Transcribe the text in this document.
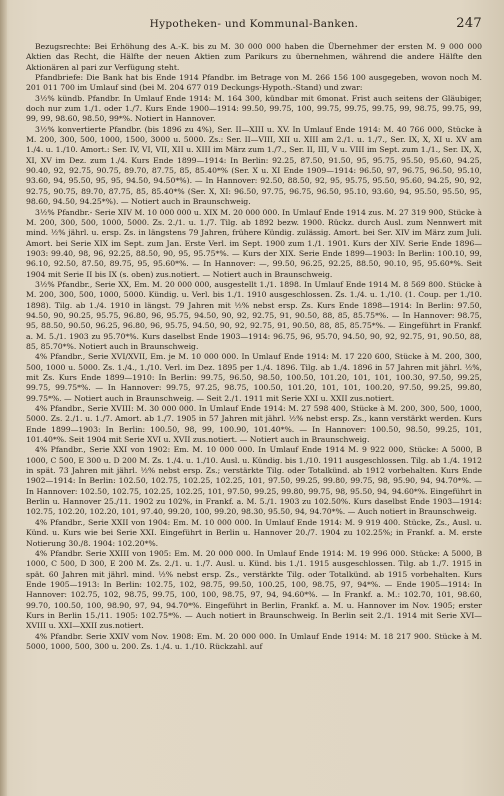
Hypotheken- und Kommunal-Banken.	247

Bezugsrechte: Bei Erhöhung des A.-K. bis zu M. 30 000 000 haben die Übernehmer der ersten M. 9 000 000 Aktien das Recht, die Hälfte der neuen Aktien zum Parikurs zu übernehmen, während die andere Hälfte den Aktionären al pari zur Verfügung steht.

Pfandbriefe: Die Bank hat bis Ende 1914 Pfandbr. im Betrage von M. 266 156 100 ausgegeben, wovon noch M. 201 011 700 im Umlauf sind (bei M. 204 677 019 Deckungs-Hypoth.-Stand) und zwar:

3½% kündb. Pfandbr. In Umlauf Ende 1914: M. 164 300, kündbar mit 6monat. Frist auch seitens der Gläubiger, doch nur zum 1./1. oder 1./7. Kurs Ende 1900—1914: 99.50, 99.75, 100, 99.75, 99.75, 99.75, 99, 98.75, 99.75, 99, 99, 99, 98.60, 98.50, 99*%. Notiert in Hannover.

3½% konvertierte Pfandbr. (bis 1896 zu 4%), Ser. II—XIII u. XV. In Umlauf Ende 1914: M. 40 766 000, Stücke à M. 200, 300, 500, 1000, 1500, 3000 u. 5000. Zs.: Ser. II—VIII, XII u. XIII am 2./1. u. 1./7., Ser. IX, X, XI u. XV am 1./4. u. 1./10. Amort.: Ser. IV, VI, VII, XII u. XIII im März zum 1./7., Ser. II, III, V u. VIII im Sept. zum 1./1., Ser. IX, X, XI, XV im Dez. zum 1./4. Kurs Ende 1899—1914: In Berlin: 92.25, 87.50, 91.50, 95, 95.75, 95.50, 95.60, 94.25, 90.40, 92, 92.75, 90.75, 89.70, 87.75, 85, 85.40*% (Ser. X u. XI Ende 1909—1914: 96.50, 97, 96.75, 96.50, 95.10, 93.60, 94, 95.50, 95, 95, 94.50, 94.50*%). — In Hannover: 92.50, 88.50, 92, 95, 95.75, 95.50, 95.60, 94.25, 90, 92, 92.75, 90.75, 89.70, 87.75, 85, 85.40*% (Ser. X, XI: 96.50, 97.75, 96.75, 96.50, 95.10, 93.60, 94, 95.50, 95.50, 95, 98.60, 94.50, 94.25*%). — Notiert auch in Braunschweig.

3½% Pfandbr.- Serie XIV M. 10 000 000 u. XIX M. 20 000 000. In Umlauf Ende 1914 zus. M. 27 319 900, Stücke à M. 200, 300, 500, 1000, 5000. Zs. 2./1. u. 1./7. Tilg. ab 1892 bezw. 1900. Rückz. durch Ausl. zum Nennwert mit mind. ½% jährl. u. ersp. Zs. in längstens 79 Jahren, frühere Kündig. zulässig. Amort. bei Ser. XIV im März zum Juli. Amort. bei Serie XIX im Sept. zum Jan. Erste Verl. im Sept. 1900 zum 1./1. 1901. Kurs der XIV. Serie Ende 1896—1903: 99.40, 98, 96, 92.25, 88.50, 90, 95, 95.75*%. — Kurs der XIX. Serie Ende 1899—1903: In Berlin: 100.10, 99, 96.10, 92.50, 87.50, 89.75, 95, 95.60*%. — In Hannover: —, 99.50, 96.25, 92.25, 88.50, 90.10, 95, 95.60*%. Seit 1904 mit Serie II bis IX (s. oben) zus.notiert. — Notiert auch in Braunschweig.

3½% Pfandbr., Serie XX, Em. M. 20 000 000, ausgestellt 1./1. 1898. In Umlauf Ende 1914 M. 8 569 800. Stücke à M. 200, 300, 500, 1000, 5000. Kündig. u. Verl. bis 1./1. 1910 ausgeschlossen. Zs. 1./4. u. 1./10. (1. Coup. per 1./10. 1898). Tilg. ab 1./4. 1910 in längst. 79 Jahren mit ½% nebst ersp. Zs. Kurs Ende 1898—1914: In Berlin: 97.50, 94.50, 90, 90.25, 95.75, 96.80, 96, 95.75, 94.50, 90, 92, 92.75, 91, 90.50, 88, 85, 85.75*%. — In Hannover: 98.75, 95, 88.50, 90.50, 96.25, 96.80, 96, 95.75, 94.50, 90, 92, 92.75, 91, 90.50, 88, 85, 85.75*%. — Eingeführt in Frankf. a. M. 5./1. 1903 zu 95.70*%. Kurs daselbst Ende 1903—1914: 96.75, 96, 95.70, 94.50, 90, 92, 92.75, 91, 90.50, 88, 85, 85.70*%. Notiert auch in Braunschweig.

4% Pfandbr., Serie XVI/XVII, Em. je M. 10 000 000. In Umlauf Ende 1914: M. 17 220 600, Stücke à M. 200, 300, 500, 1000 u. 5000. Zs. 1./4., 1./10. Verl. im Dez. 1895 per 1./4. 1896. Tilg. ab 1./4. 1896 in 57 Jahren mit jährl. ½%, mit Zs. Kurs Ende 1899—1910: In Berlin: 99.75, 96.50, 98.50, 100.50, 101.20, 101, 101, 100.30, 97.50, 99.25, 99.75, 99.75*%. — In Hannover: 99.75, 97.25, 98.75, 100.50, 101.20, 101, 101, 100.20, 97.50, 99.25, 99.80, 99.75*%. — Notiert auch in Braunschweig. — Seit 2./1. 1911 mit Serie XXI u. XXII zus.notiert.

4% Pfandbr., Serie XVIII: M. 30 000 000. In Umlauf Ende 1914: M. 27 598 400, Stücke à M. 200, 300, 500, 1000, 5000. Zs. 2./1. u. 1./7. Amort. ab 1./7. 1905 in 57 Jahren mit jährl. ½% nebst ersp. Zs., kann verstärkt werden. Kurs Ende 1899—1903: In Berlin: 100.50, 98, 99, 100.90, 101.40*%. — In Hannover: 100.50, 98.50, 99.25, 101, 101.40*%. Seit 1904 mit Serie XVI u. XVII zus.notiert. — Notiert auch in Braunschweig.

4% Pfandbr., Serie XXI von 1902: Em. M. 10 000 000. In Umlauf Ende 1914 M. 9 922 000, Stücke: A 5000, B 1000, C 500, E 300 u. D 200 M. Zs. 1./4. u. 1./10. Ausl. u. Kündig. bis 1./10. 1911 ausgeschlossen. Tilg. ab 1./4. 1912 in spät. 73 Jahren mit jährl. ½% nebst ersp. Zs.; verstärkte Tilg. oder Totalkünd. ab 1912 vorbehalten. Kurs Ende 1902—1914: In Berlin: 102.50, 102.75, 102.25, 102.25, 101, 97.50, 99.25, 99.80, 99.75, 98, 95.90, 94, 94.70*%. — In Hannover: 102.50, 102.75, 102.25, 102.25, 101, 97.50, 99.25, 99.80, 99.75, 98, 95.50, 94, 94.60*%. Eingeführt in Berlin u. Hannover 25./11. 1902 zu 102%, in Frankf. a. M. 5./1. 1903 zu 102.50%. Kurs daselbst Ende 1903—1914: 102.75, 102.20, 102.20, 101, 97.40, 99.20, 100, 99.20, 98.30, 95.50, 94, 94.70*%. — Auch notiert in Braunschweig.

4% Pfandbr., Serie XXII von 1904: Em. M. 10 000 000. In Umlauf Ende 1914: M. 9 919 400. Stücke, Zs., Ausl. u. Künd. u. Kurs wie bei Serie XXI. Eingeführt in Berlin u. Hannover 20./7. 1904 zu 102.25%; in Frankf. a. M. erste Notierung 30./8. 1904: 102.20*%.

4% Pfandbr. Serie XXIII von 1905: Em. M. 20 000 000. In Umlauf Ende 1914: M. 19 996 000. Stücke: A 5000, B 1000, C 500, D 300, E 200 M. Zs. 2./1. u. 1./7. Ausl. u. Künd. bis 1./1. 1915 ausgeschlossen. Tilg. ab 1./7. 1915 in spät. 60 Jahren mit jährl. mind. ½% nebst ersp. Zs., verstärkte Tilg. oder Totalkünd. ab 1915 vorbehalten. Kurs Ende 1905—1913: In Berlin: 102.75, 102, 98.75, 99.50, 100.25, 100, 98.75, 97, 94*%. — Ende 1905—1914: In Hannover: 102.75, 102, 98.75, 99.75, 100, 100, 98.75, 97, 94, 94.60*%. — In Frankf. a. M.: 102.70, 101, 98.60, 99.70, 100.50, 100, 98.90, 97, 94, 94.70*%. Eingeführt in Berlin, Frankf. a. M. u. Hannover im Nov. 1905; erster Kurs in Berlin 15./11. 1905: 102.75*%. — Auch notiert in Braunschweig. In Berlin seit 2./1. 1914 mit Serie XVI—XVIII u. XXI—XXII zus.notiert.

4% Pfandbr. Serie XXIV vom Nov. 1908: Em. M. 20 000 000. In Umlauf Ende 1914: M. 18 217 900. Stücke à M. 5000, 1000, 500, 300 u. 200. Zs. 1./4. u. 1./10. Rückzahl. auf
